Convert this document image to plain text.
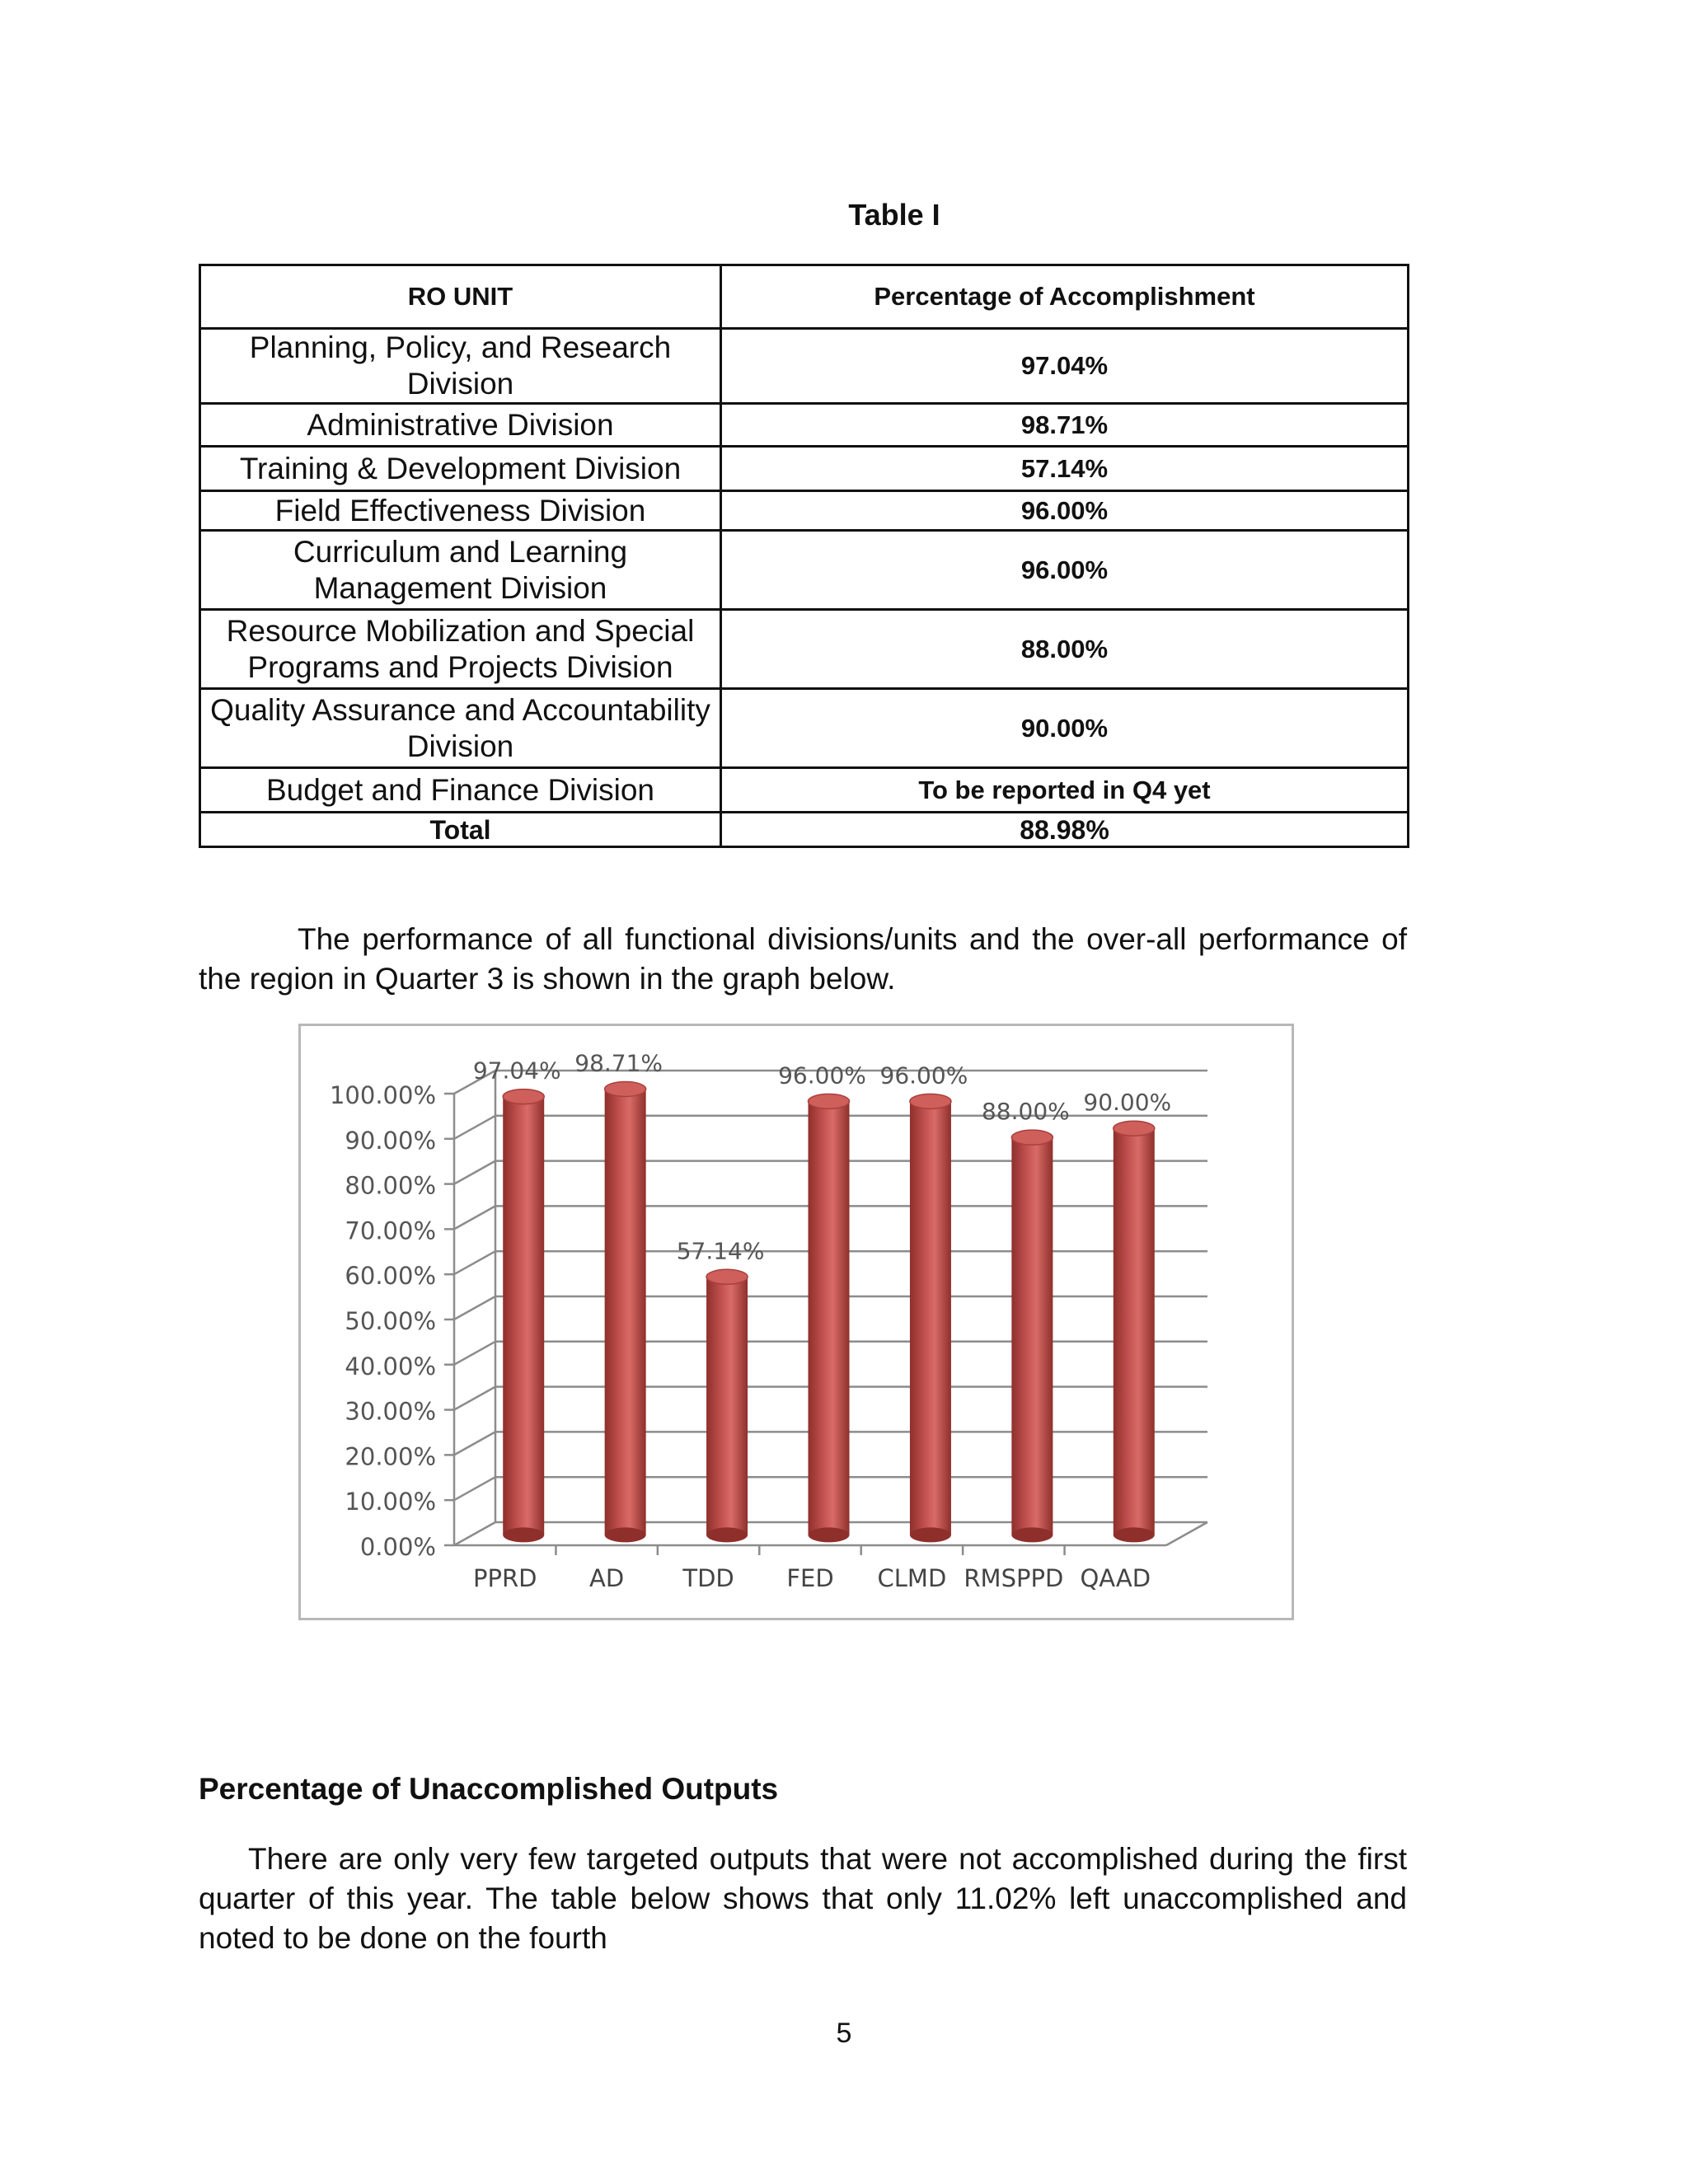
Table I
RO UNIT	Percentage of Accomplishment
Planning, Policy, and Research Division	97.04%
Administrative Division	98.71%
Training & Development Division	57.14%
Field Effectiveness Division	96.00%
Curriculum and Learning Management Division	96.00%
Resource Mobilization and Special Programs and Projects Division	88.00%
Quality Assurance and Accountability Division	90.00%
Budget and Finance Division	To be reported in Q4 yet
Total	88.98%
The performance of all functional divisions/units and the over-all performance of the region in Quarter 3 is shown in the graph below.
0.00%
10.00%
20.00%
30.00%
40.00%
50.00%
60.00%
70.00%
80.00%
90.00%
100.00%
97.04%
PPRD
98.71%
AD
57.14%
TDD
96.00%
FED
96.00%
CLMD
88.00%
RMSPPD
90.00%
QAAD
Percentage of Unaccomplished Outputs
There are only very few targeted outputs that were not accomplished during the first quarter of this year. The table below shows that only 11.02% left unaccomplished and noted to be done on the fourth
5
